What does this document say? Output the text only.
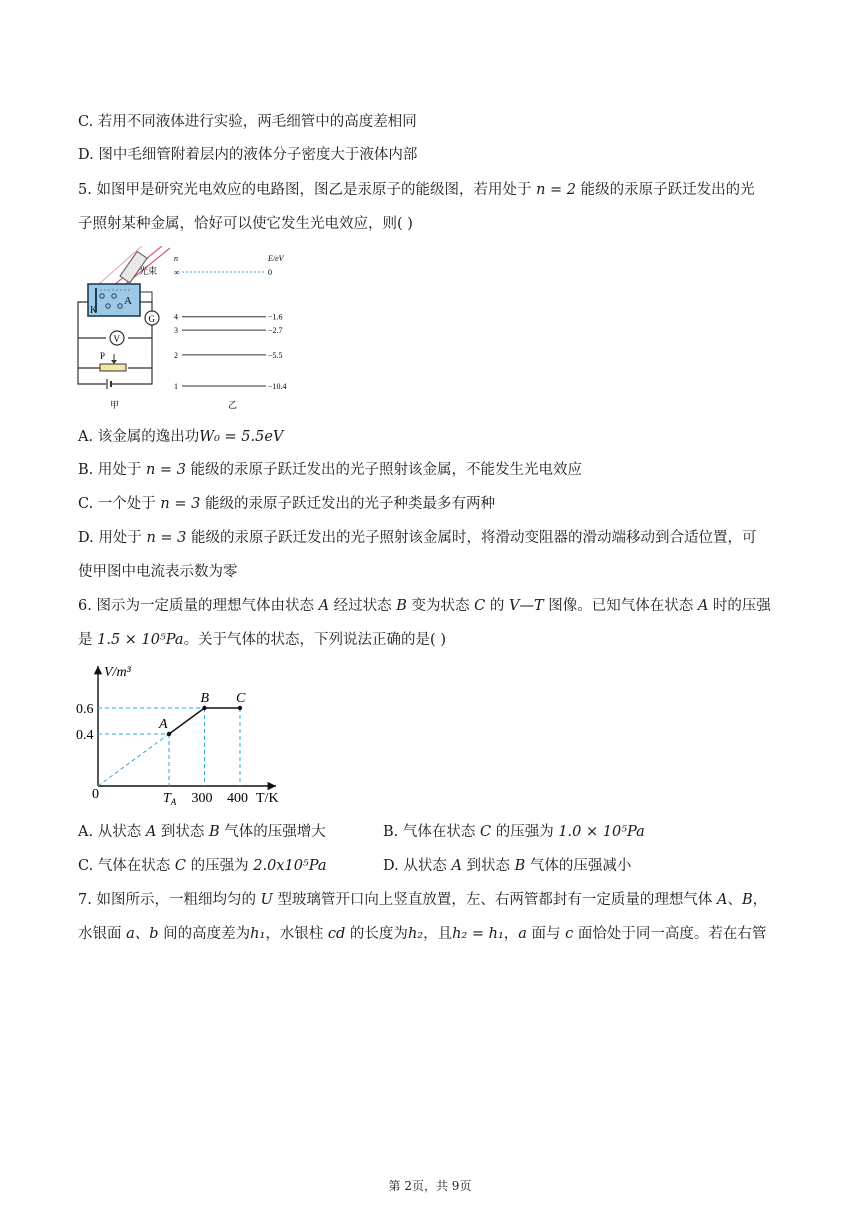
C. 若用不同液体进行实验，两毛细管中的高度差相同
D. 图中毛细管附着层内的液体分子密度大于液体内部
5. 如图甲是研究光电效应的电路图，图乙是汞原子的能级图，若用处于 n = 2 能级的汞原子跃迁发出的光
子照射某种金属，恰好可以使它发生光电效应，则( )
光束
A
K
G
V
P
甲
n	E/eV
∞	0
4	−1.6
3	−2.7
2	−5.5
1	−10.4
乙
A. 该金属的逸出功W₀ = 5.5eV
B. 用处于 n = 3 能级的汞原子跃迁发出的光子照射该金属，不能发生光电效应
C. 一个处于 n = 3 能级的汞原子跃迁发出的光子种类最多有两种
D. 用处于 n = 3 能级的汞原子跃迁发出的光子照射该金属时，将滑动变阻器的滑动端移动到合适位置，可
使甲图中电流表示数为零
6. 图示为一定质量的理想气体由状态 A 经过状态 B 变为状态 C 的 V—T 图像。已知气体在状态 A 时的压强
是 1.5 × 10⁵Pa。关于气体的状态，下列说法正确的是( )
V/m³
T/K
0
A
B C
0.4
0.6
$T_A$ 300 400
A. 从状态 A 到状态 B 气体的压强增大	B. 气体在状态 C 的压强为 1.0 × 10⁵Pa
C. 气体在状态 C 的压强为 2.0x10⁵Pa	D. 从状态 A 到状态 B 气体的压强减小
7. 如图所示，一粗细均匀的 U 型玻璃管开口向上竖直放置，左、右两管都封有一定质量的理想气体 A、B，
水银面 a、b 间的高度差为h₁，水银柱 cd 的长度为h₂，且h₂ = h₁，a 面与 c 面恰处于同一高度。若在右管
第 2页，共 9页
